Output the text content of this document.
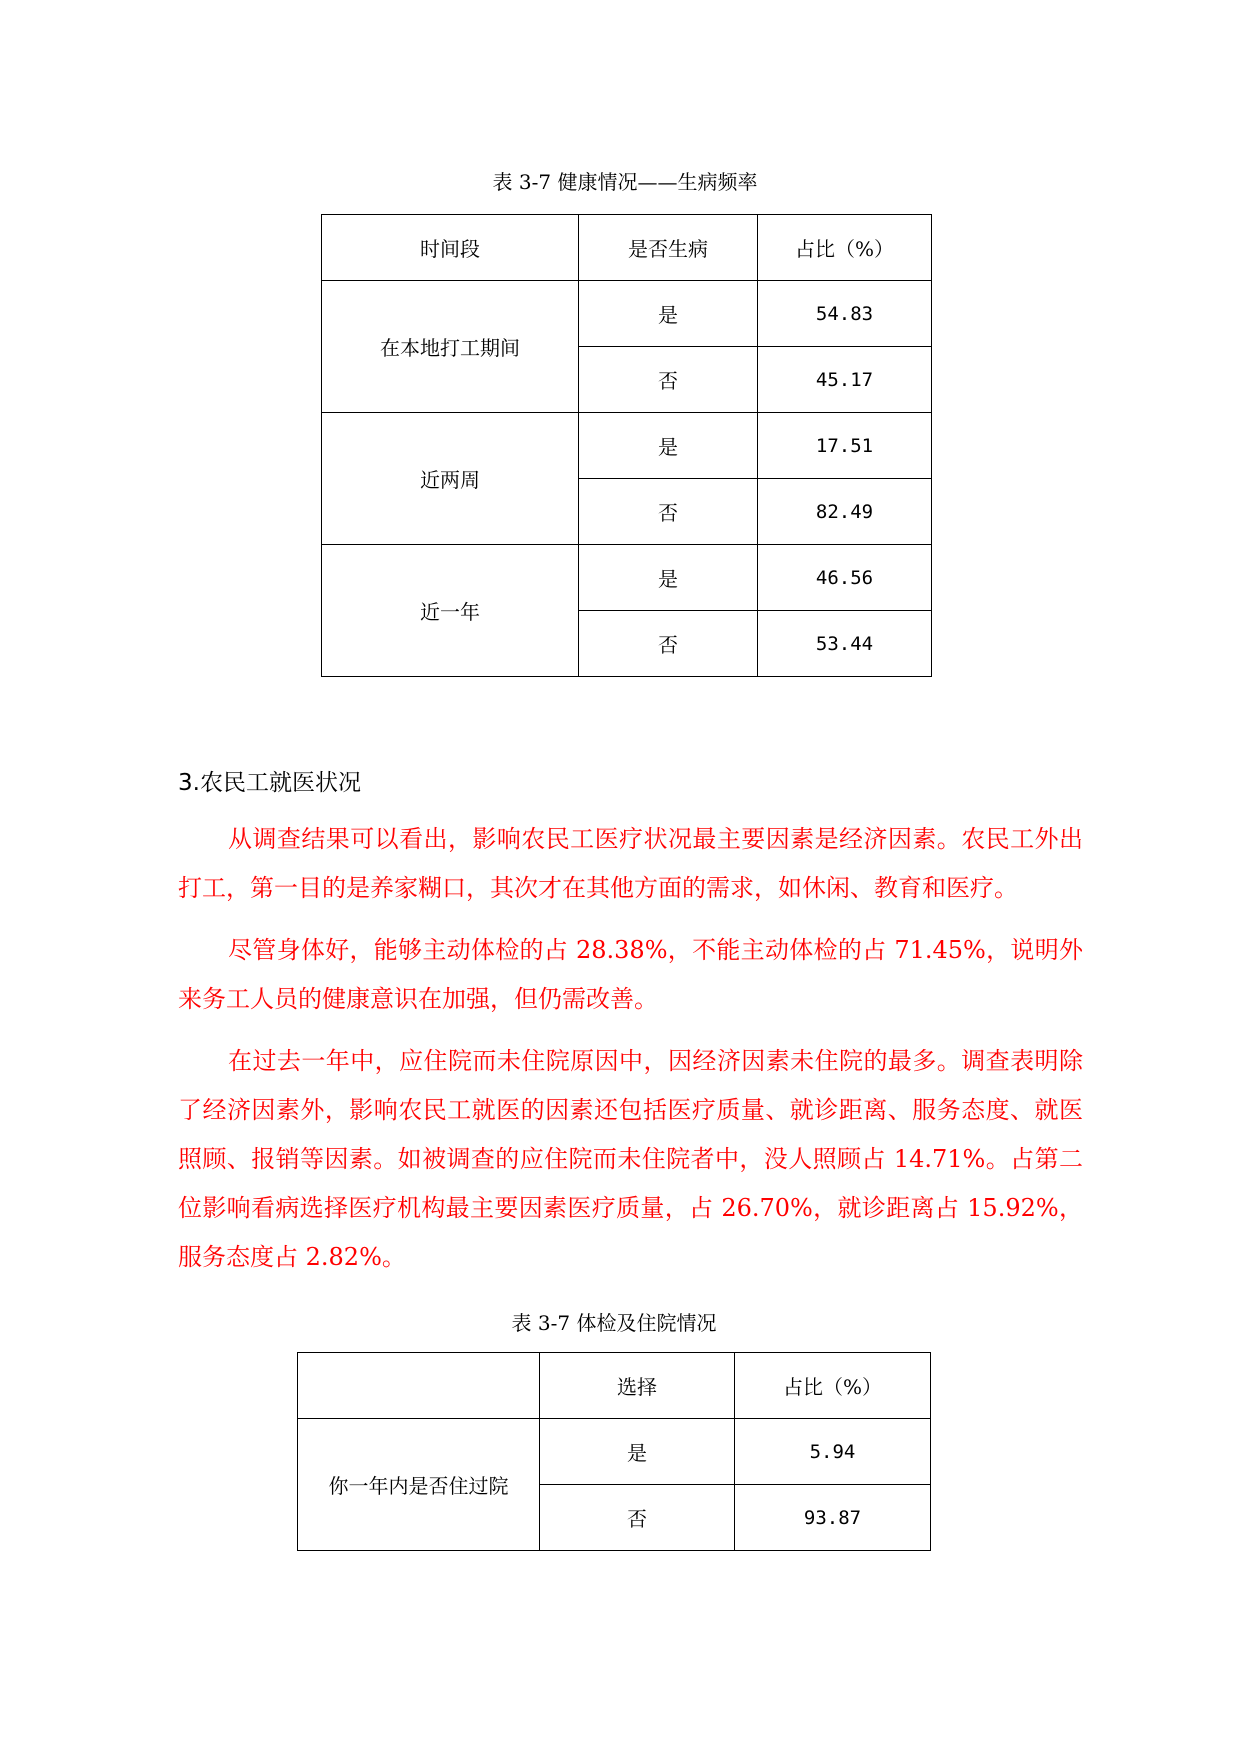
表 3-7 健康情况——生病频率
时间段	是否生病	占比（%）
在本地打工期间	是	54.83
	否	45.17
近两周	是	17.51
	否	82.49
近一年	是	46.56
	否	53.44
3.农民工就医状况

从调查结果可以看出，影响农民工医疗状况最主要因素是经济因素。农民工外出打工，第一目的是养家糊口，其次才在其他方面的需求，如休闲、教育和医疗。

尽管身体好，能够主动体检的占 28.38%，不能主动体检的占 71.45%，说明外来务工人员的健康意识在加强，但仍需改善。

在过去一年中，应住院而未住院原因中，因经济因素未住院的最多。调查表明除了经济因素外，影响农民工就医的因素还包括医疗质量、就诊距离、服务态度、就医照顾、报销等因素。如被调查的应住院而未住院者中，没人照顾占 14.71%。占第二位影响看病选择医疗机构最主要因素医疗质量，占 26.70%，就诊距离占 15.92%，服务态度占 2.82%。

表 3-7 体检及住院情况
	选择	占比（%）
你一年内是否住过院	是	5.94
	否	93.87
